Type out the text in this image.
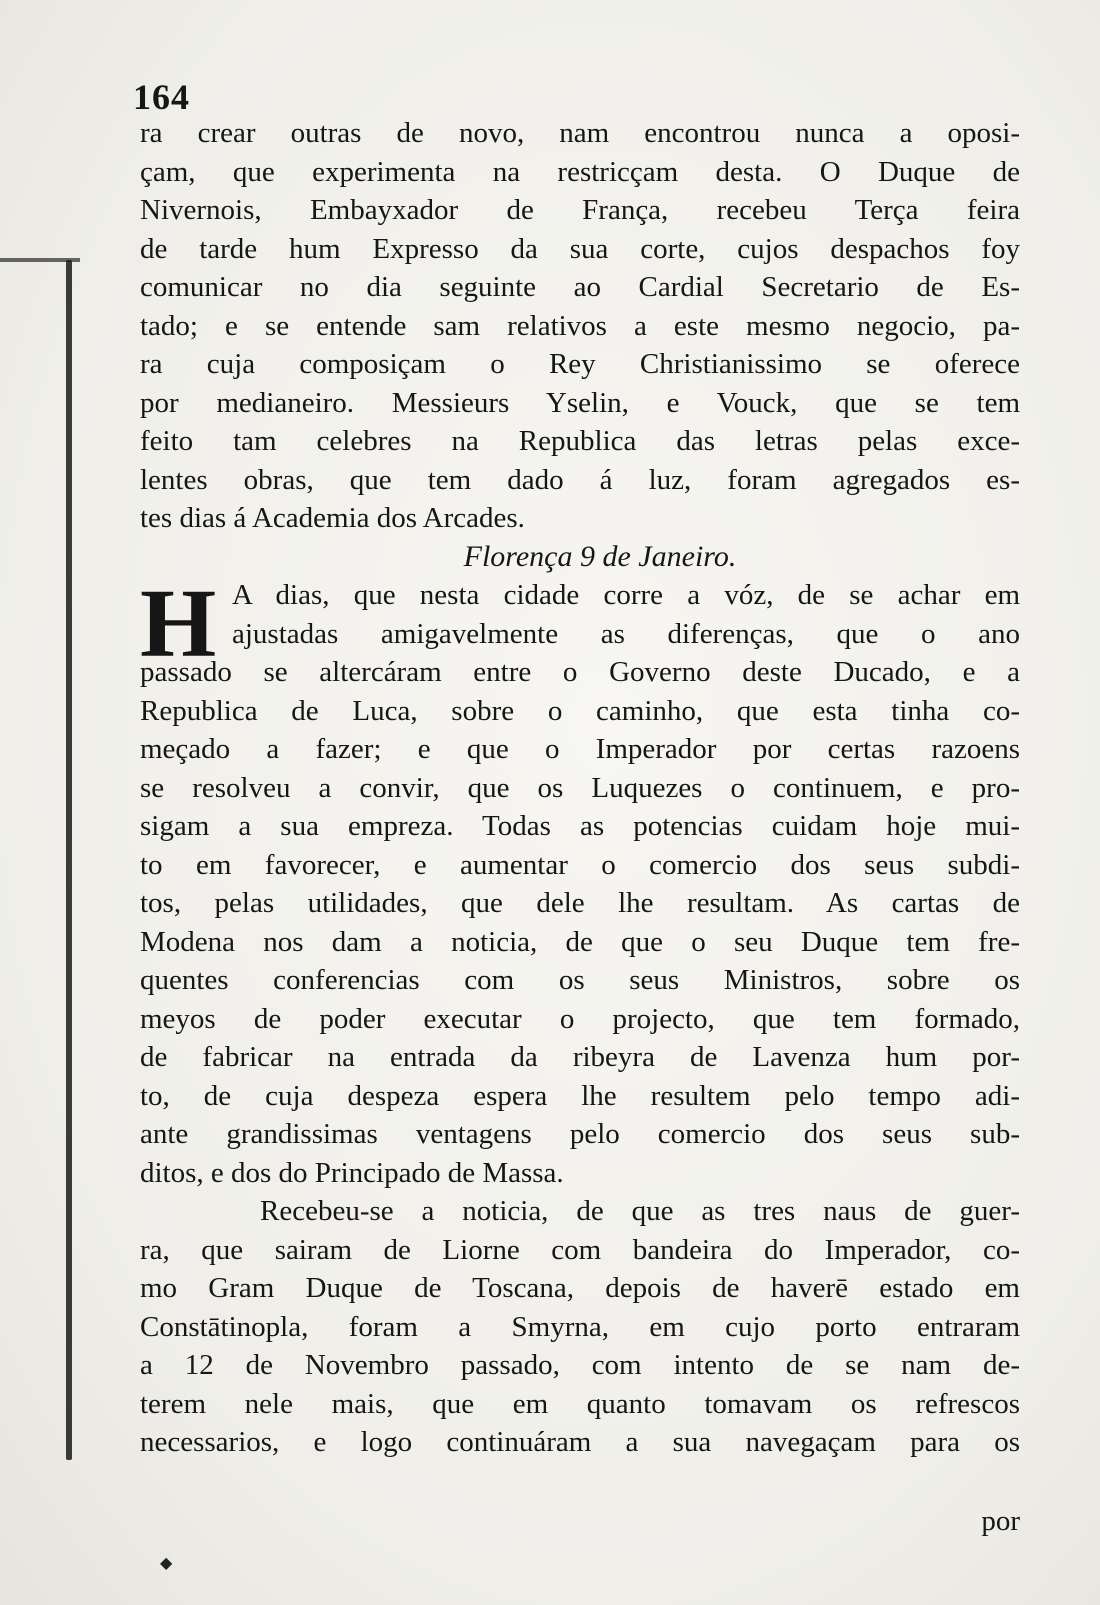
164
ra crear outras de novo, nam encontrou nunca a oposi-
çam, que experimenta na restricçam desta. O Duque de
Nivernois, Embayxador de França, recebeu Terça feira
de tarde hum Expresso da sua corte, cujos despachos foy
comunicar no dia seguinte ao Cardial Secretario de Es-
tado; e se entende sam relativos a este mesmo negocio, pa-
ra cuja composiçam o Rey Christianissimo se oferece
por medianeiro. Messieurs Yselin, e Vouck, que se tem
feito tam celebres na Republica das letras pelas exce-
lentes obras, que tem dado á luz, foram agregados es-
tes dias á Academia dos Arcades.
Florença 9 de Janeiro.
A dias, que nesta cidade corre a vóz, de se achar em
ajustadas amigavelmente as diferenças, que o ano
passado se altercáram entre o Governo deste Ducado, e a
Republica de Luca, sobre o caminho, que esta tinha co-
meçado a fazer; e que o Imperador por certas razoens
se resolveu a convir, que os Luquezes o continuem, e pro-
sigam a sua empreza. Todas as potencias cuidam hoje mui-
to em favorecer, e aumentar o comercio dos seus subdi-
tos, pelas utilidades, que dele lhe resultam. As cartas de
Modena nos dam a noticia, de que o seu Duque tem fre-
quentes conferencias com os seus Ministros, sobre os
meyos de poder executar o projecto, que tem formado,
de fabricar na entrada da ribeyra de Lavenza hum por-
to, de cuja despeza espera lhe resultem pelo tempo adi-
ante grandissimas ventagens pelo comercio dos seus sub-
ditos, e dos do Principado de Massa.
Recebeu-se a noticia, de que as tres naus de guer-
ra, que sairam de Liorne com bandeira do Imperador, co-
mo Gram Duque de Toscana, depois de haverē estado em
Constātinopla, foram a Smyrna, em cujo porto entraram
a 12 de Novembro passado, com intento de se nam de-
terem nele mais, que em quanto tomavam os refrescos
necessarios, e logo continuáram a sua navegaçam para os
H
por
◆
